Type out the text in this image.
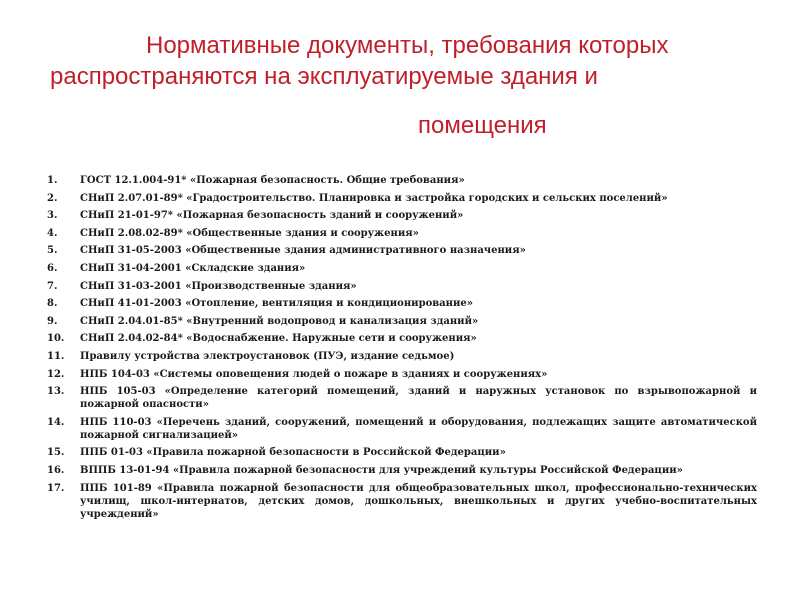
Нормативные документы, требования которых
распространяются на эксплуатируемые здания и
помещения
1.	ГОСТ 12.1.004-91* «Пожарная безопасность. Общие требования»
2.	СНиП 2.07.01-89* «Градостроительство. Планировка и застройка городских и сельских поселений»
3.	СНиП 21-01-97* «Пожарная безопасность зданий и сооружений»
4.	СНиП 2.08.02-89* «Общественные здания и сооружения»
5.	СНиП 31-05-2003 «Общественные здания административного назначения»
6.	СНиП 31-04-2001 «Складские здания»
7.	СНиП 31-03-2001 «Производственные здания»
8.	СНиП 41-01-2003 «Отопление, вентиляция и кондиционирование»
9.	СНиП 2.04.01-85* «Внутренний водопровод и канализация зданий»
10.	СНиП 2.04.02-84* «Водоснабжение. Наружные сети и сооружения»
11.	Правилу устройства электроустановок (ПУЭ, издание седьмое)
12.	НПБ 104-03 «Системы оповещения людей о пожаре в зданиях и сооружениях»
13.	НПБ 105-03 «Определение категорий помещений, зданий и наружных установок по взрывопожарной и пожарной опасности»
14.	НПБ 110-03 «Перечень зданий, сооружений, помещений и оборудования, подлежащих защите автоматической пожарной сигнализацией»
15.	ППБ 01-03 «Правила пожарной безопасности в Российской Федерации»
16.	ВППБ 13-01-94 «Правила пожарной безопасности для учреждений культуры Российской Федерации»
17.	ППБ 101-89 «Правила пожарной безопасности для общеобразовательных школ, профессионально-технических училищ, школ-интернатов, детских домов, дошкольных, внешкольных и других учебно-воспитательных учреждений»
